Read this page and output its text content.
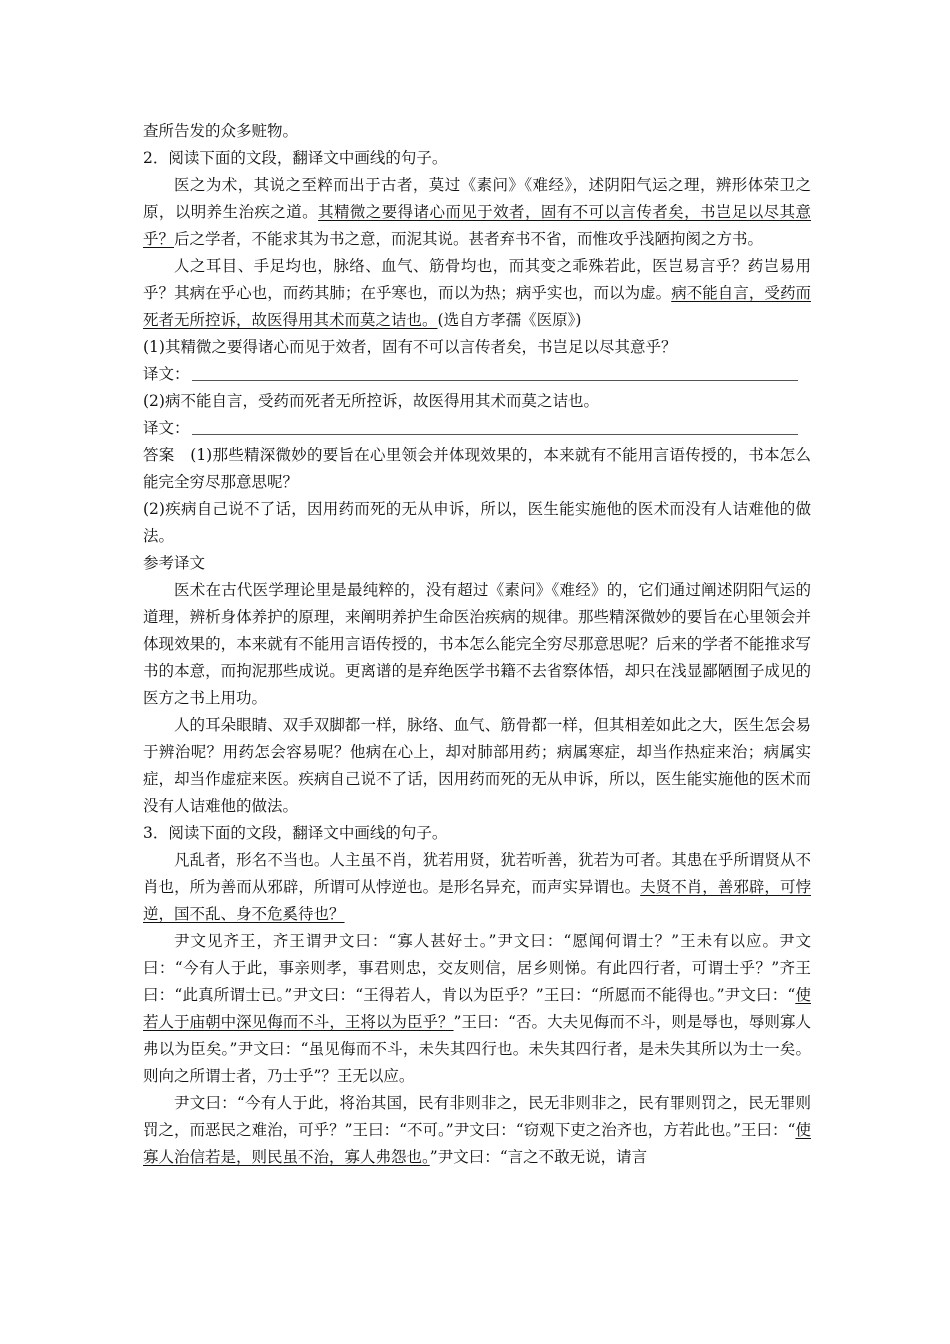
查所告发的众多赃物。

2．阅读下面的文段，翻译文中画线的句子。

医之为术，其说之至粹而出于古者，莫过《素问》《难经》，述阴阳气运之理，辨形体荣卫之原，以明养生治疾之道。其精微之要得诸心而见于效者，固有不可以言传者矣，书岂足以尽其意乎？后之学者，不能求其为书之意，而泥其说。甚者弃书不省，而惟攻乎浅陋拘阂之方书。

人之耳目、手足均也，脉络、血气、筋骨均也，而其变之乖殊若此，医岂易言乎？药岂易用乎？其病在乎心也，而药其肺；在乎寒也，而以为热；病乎实也，而以为虚。病不能自言，受药而死者无所控诉，故医得用其术而莫之诘也。(选自方孝孺《医原》)

(1)其精微之要得诸心而见于效者，固有不可以言传者矣，书岂足以尽其意乎？

译文：

(2)病不能自言，受药而死者无所控诉，故医得用其术而莫之诘也。

译文：

答案　(1)那些精深微妙的要旨在心里领会并体现效果的，本来就有不能用言语传授的，书本怎么能完全穷尽那意思呢？

(2)疾病自己说不了话，因用药而死的无从申诉，所以，医生能实施他的医术而没有人诘难他的做法。

参考译文

医术在古代医学理论里是最纯粹的，没有超过《素问》《难经》的，它们通过阐述阴阳气运的道理，辨析身体养护的原理，来阐明养护生命医治疾病的规律。那些精深微妙的要旨在心里领会并体现效果的，本来就有不能用言语传授的，书本怎么能完全穷尽那意思呢？后来的学者不能推求写书的本意，而拘泥那些成说。更离谱的是弃绝医学书籍不去省察体悟，却只在浅显鄙陋囿子成见的医方之书上用功。

人的耳朵眼睛、双手双脚都一样，脉络、血气、筋骨都一样，但其相差如此之大，医生怎会易于辨治呢？用药怎会容易呢？他病在心上，却对肺部用药；病属寒症，却当作热症来治；病属实症，却当作虚症来医。疾病自己说不了话，因用药而死的无从申诉，所以，医生能实施他的医术而没有人诘难他的做法。

3．阅读下面的文段，翻译文中画线的句子。

凡乱者，形名不当也。人主虽不肖，犹若用贤，犹若听善，犹若为可者。其患在乎所谓贤从不肖也，所为善而从邪辟，所谓可从悖逆也。是形名异充，而声实异谓也。夫贤不肖，善邪辟，可悖逆，国不乱、身不危奚待也？

尹文见齐王，齐王谓尹文曰：“寡人甚好士。”尹文曰：“愿闻何谓士？”王未有以应。尹文曰：“今有人于此，事亲则孝，事君则忠，交友则信，居乡则悌。有此四行者，可谓士乎？”齐王曰：“此真所谓士已。”尹文曰：“王得若人，肯以为臣乎？”王曰：“所愿而不能得也。”尹文曰：“使若人于庙朝中深见侮而不斗，王将以为臣乎？”王曰：“否。大夫见侮而不斗，则是辱也，辱则寡人弗以为臣矣。”尹文曰：“虽见侮而不斗，未失其四行也。未失其四行者，是未失其所以为士一矣。则向之所谓士者，乃士乎”？王无以应。

尹文曰：“今有人于此，将治其国，民有非则非之，民无非则非之，民有罪则罚之，民无罪则罚之，而恶民之难治，可乎？”王曰：“不可。”尹文曰：“窃观下吏之治齐也，方若此也。”王曰：“使寡人治信若是，则民虽不治，寡人弗怨也。”尹文曰：“言之不敢无说，请言
